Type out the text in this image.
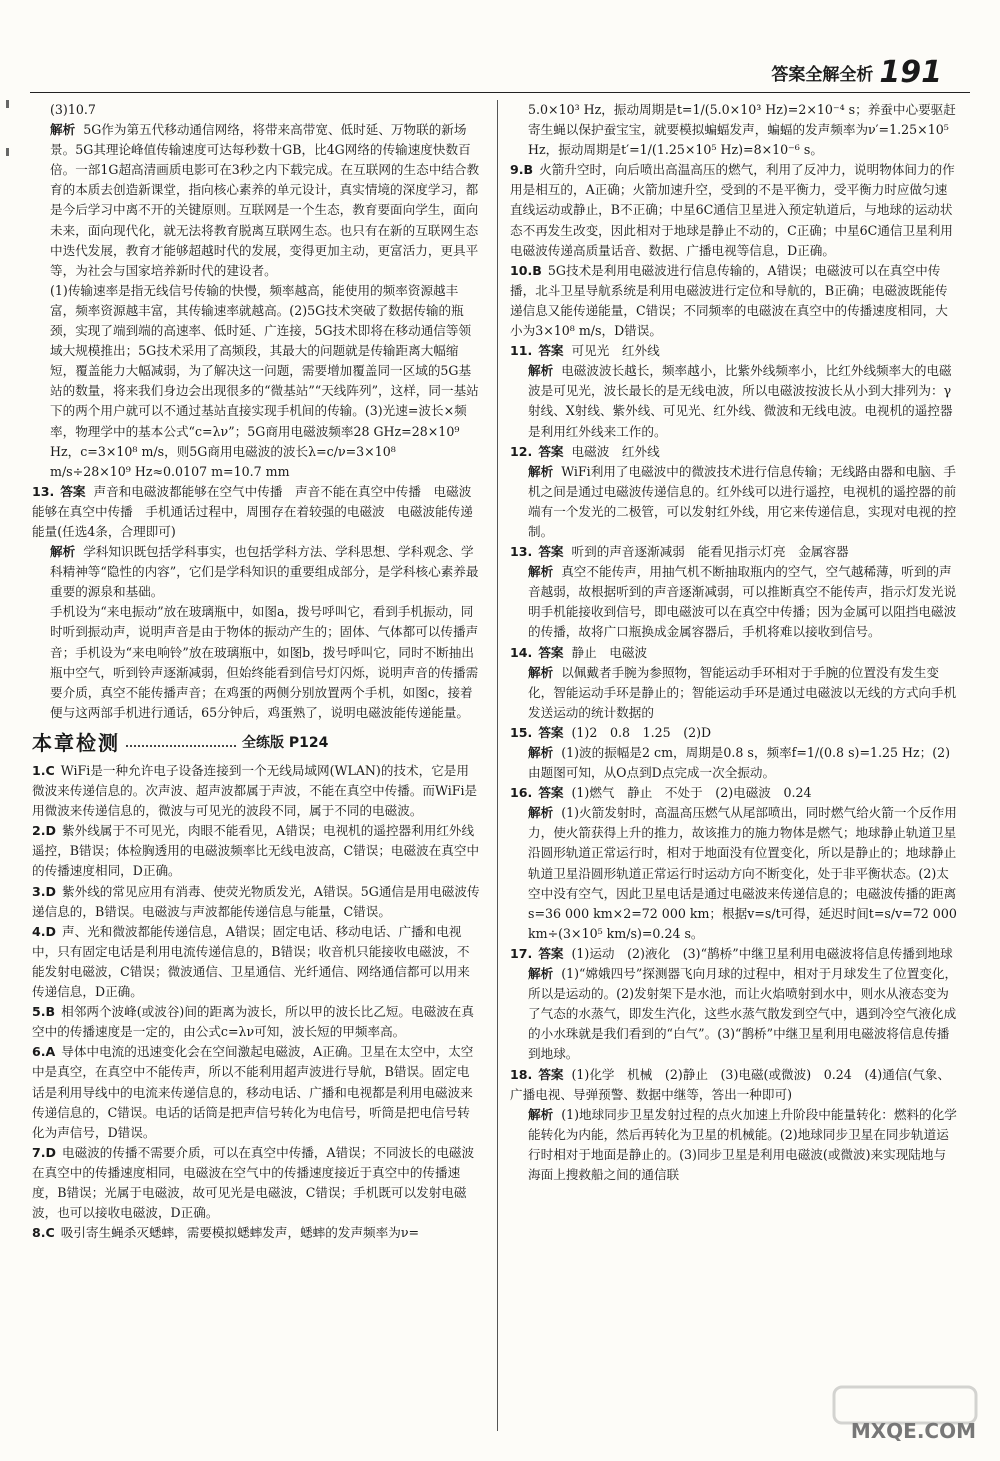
答案全解全析 191
(3)10.7
解析 5G作为第五代移动通信网络，将带来高带宽、低时延、万物联的新场景。5G其理论峰值传输速度可达每秒数十GB，比4G网络的传输速度快数百倍。一部1G超高清画质电影可在3秒之内下载完成。在互联网的生态中结合教育的本质去创造新课堂，指向核心素养的单元设计，真实情境的深度学习，都是今后学习中离不开的关键原则。互联网是一个生态，教育要面向学生，面向未来，面向现代化，就无法将教育脱离互联网生态。也只有在新的互联网生态中迭代发展，教育才能够超越时代的发展，变得更加主动，更富活力，更具平等，为社会与国家培养新时代的建设者。
(1)传输速率是指无线信号传输的快慢，频率越高，能使用的频率资源越丰富，频率资源越丰富，其传输速率就越高。(2)5G技术突破了数据传输的瓶颈，实现了端到端的高速率、低时延、广连接，5G技术即将在移动通信等领域大规模推出；5G技术采用了高频段，其最大的问题就是传输距离大幅缩短，覆盖能力大幅减弱，为了解决这一问题，需要增加覆盖同一区域的5G基站的数量，将来我们身边会出现很多的“微基站”“天线阵列”，这样，同一基站下的两个用户就可以不通过基站直接实现手机间的传输。(3)光速=波长×频率，物理学中的基本公式“c=λν”；5G商用电磁波频率28 GHz=28×10⁹ Hz，c=3×10⁸ m/s，则5G商用电磁波的波长λ=c/ν=3×10⁸ m/s÷28×10⁹ Hz≈0.0107 m=10.7 mm
13. 答案 声音和电磁波都能够在空气中传播　声音不能在真空中传播　电磁波能够在真空中传播　手机通话过程中，周围存在着较强的电磁波　电磁波能传递能量(任选4条，合理即可)
解析 学科知识既包括学科事实，也包括学科方法、学科思想、学科观念、学科精神等“隐性的内容”，它们是学科知识的重要组成部分，是学科核心素养最重要的源泉和基础。
手机设为“来电振动”放在玻璃瓶中，如图a，拨号呼叫它，看到手机振动，同时听到振动声，说明声音是由于物体的振动产生的；固体、气体都可以传播声音；手机设为“来电响铃”放在玻璃瓶中，如图b，拨号呼叫它，同时不断抽出瓶中空气，听到铃声逐渐减弱，但始终能看到信号灯闪烁，说明声音的传播需要介质，真空不能传播声音；在鸡蛋的两侧分别放置两个手机，如图c，接着便与这两部手机进行通话，65分钟后，鸡蛋熟了，说明电磁波能传递能量。
本章检测	全练版 P124
1.C WiFi是一种允许电子设备连接到一个无线局域网(WLAN)的技术，它是用微波来传递信息的。次声波、超声波都属于声波，不能在真空中传播。而WiFi是用微波来传递信息的，微波与可见光的波段不同，属于不同的电磁波。
2.D 紫外线属于不可见光，肉眼不能看见，A错误；电视机的遥控器利用红外线遥控，B错误；体检胸透用的电磁波频率比无线电波高，C错误；电磁波在真空中的传播速度相同，D正确。
3.D 紫外线的常见应用有消毒、使荧光物质发光，A错误。5G通信是用电磁波传递信息的，B错误。电磁波与声波都能传递信息与能量，C错误。
4.D 声、光和微波都能传递信息，A错误；固定电话、移动电话、广播和电视中，只有固定电话是利用电流传递信息的，B错误；收音机只能接收电磁波，不能发射电磁波，C错误；微波通信、卫星通信、光纤通信、网络通信都可以用来传递信息，D正确。
5.B 相邻两个波峰(或波谷)间的距离为波长，所以甲的波长比乙短。电磁波在真空中的传播速度是一定的，由公式c=λν可知，波长短的甲频率高。
6.A 导体中电流的迅速变化会在空间激起电磁波，A正确。卫星在太空中，太空中是真空，在真空中不能传声，所以不能利用超声波进行导航，B错误。固定电话是利用导线中的电流来传递信息的，移动电话、广播和电视都是利用电磁波来传递信息的，C错误。电话的话筒是把声信号转化为电信号，听筒是把电信号转化为声信号，D错误。
7.D 电磁波的传播不需要介质，可以在真空中传播，A错误；不同波长的电磁波在真空中的传播速度相同，电磁波在空气中的传播速度接近于真空中的传播速度，B错误；光属于电磁波，故可见光是电磁波，C错误；手机既可以发射电磁波，也可以接收电磁波，D正确。
8.C 吸引寄生蝇杀灭蟋蟀，需要模拟蟋蟀发声，蟋蟀的发声频率为ν=
5.0×10³ Hz，振动周期是t=1/(5.0×10³ Hz)=2×10⁻⁴ s；养蚕中心要驱赶寄生蝇以保护蚕宝宝，就要模拟蝙蝠发声，蝙蝠的发声频率为ν′=1.25×10⁵ Hz，振动周期是t′=1/(1.25×10⁵ Hz)=8×10⁻⁶ s。
9.B 火箭升空时，向后喷出高温高压的燃气，利用了反冲力，说明物体间力的作用是相互的，A正确；火箭加速升空，受到的不是平衡力，受平衡力时应做匀速直线运动或静止，B不正确；中星6C通信卫星进入预定轨道后，与地球的运动状态不再发生改变，因此相对于地球是静止不动的，C正确；中星6C通信卫星利用电磁波传递高质量话音、数据、广播电视等信息，D正确。
10.B 5G技术是利用电磁波进行信息传输的，A错误；电磁波可以在真空中传播，北斗卫星导航系统是利用电磁波进行定位和导航的，B正确；电磁波既能传递信息又能传递能量，C错误；不同频率的电磁波在真空中的传播速度相同，大小为3×10⁸ m/s，D错误。
11. 答案 可见光　红外线
解析 电磁波波长越长，频率越小，比紫外线频率小，比红外线频率大的电磁波是可见光，波长最长的是无线电波，所以电磁波按波长从小到大排列为：γ射线、X射线、紫外线、可见光、红外线、微波和无线电波。电视机的遥控器是利用红外线来工作的。
12. 答案 电磁波　红外线
解析 WiFi利用了电磁波中的微波技术进行信息传输；无线路由器和电脑、手机之间是通过电磁波传递信息的。红外线可以进行遥控，电视机的遥控器的前端有一个发光的二极管，可以发射红外线，用它来传递信息，实现对电视的控制。
13. 答案 听到的声音逐渐减弱　能看见指示灯亮　金属容器
解析 真空不能传声，用抽气机不断抽取瓶内的空气，空气越稀薄，听到的声音越弱，故根据听到的声音逐渐减弱，可以推断真空不能传声，指示灯发光说明手机能接收到信号，即电磁波可以在真空中传播；因为金属可以阻挡电磁波的传播，故将广口瓶换成金属容器后，手机将难以接收到信号。
14. 答案 静止　电磁波
解析 以佩戴者手腕为参照物，智能运动手环相对于手腕的位置没有发生变化，智能运动手环是静止的；智能运动手环是通过电磁波以无线的方式向手机发送运动的统计数据的
15. 答案 (1)2　0.8　1.25　(2)D
解析 (1)波的振幅是2 cm，周期是0.8 s，频率f=1/(0.8 s)=1.25 Hz；(2)由题图可知，从O点到D点完成一次全振动。
16. 答案 (1)燃气　静止　不处于　(2)电磁波　0.24
解析 (1)火箭发射时，高温高压燃气从尾部喷出，同时燃气给火箭一个反作用力，使火箭获得上升的推力，故该推力的施力物体是燃气；地球静止轨道卫星沿圆形轨道正常运行时，相对于地面没有位置变化，所以是静止的；地球静止轨道卫星沿圆形轨道正常运行时运动方向不断变化，处于非平衡状态。(2)太空中没有空气，因此卫星电话是通过电磁波来传递信息的；电磁波传播的距离s=36 000 km×2=72 000 km；根据v=s/t可得，延迟时间t=s/v=72 000 km÷(3×10⁵ km/s)=0.24 s。
17. 答案 (1)运动　(2)液化　(3)“鹊桥”中继卫星利用电磁波将信息传播到地球
解析 (1)“嫦娥四号”探测器飞向月球的过程中，相对于月球发生了位置变化，所以是运动的。(2)发射架下是水池，而让火焰喷射到水中，则水从液态变为了气态的水蒸气，即发生汽化，这些水蒸气散发到空气中，遇到冷空气液化成的小水珠就是我们看到的“白气”。(3)“鹊桥”中继卫星利用电磁波将信息传播到地球。
18. 答案 (1)化学　机械　(2)静止　(3)电磁(或微波)　0.24　(4)通信(气象、广播电视、导弹预警、数据中继等，答出一种即可)
解析 (1)地球同步卫星发射过程的点火加速上升阶段中能量转化：燃料的化学能转化为内能，然后再转化为卫星的机械能。(2)地球同步卫星在同步轨道运行时相对于地面是静止的。(3)同步卫星是利用电磁波(或微波)来实现陆地与海面上搜救船之间的通信联
MXQE.COM
